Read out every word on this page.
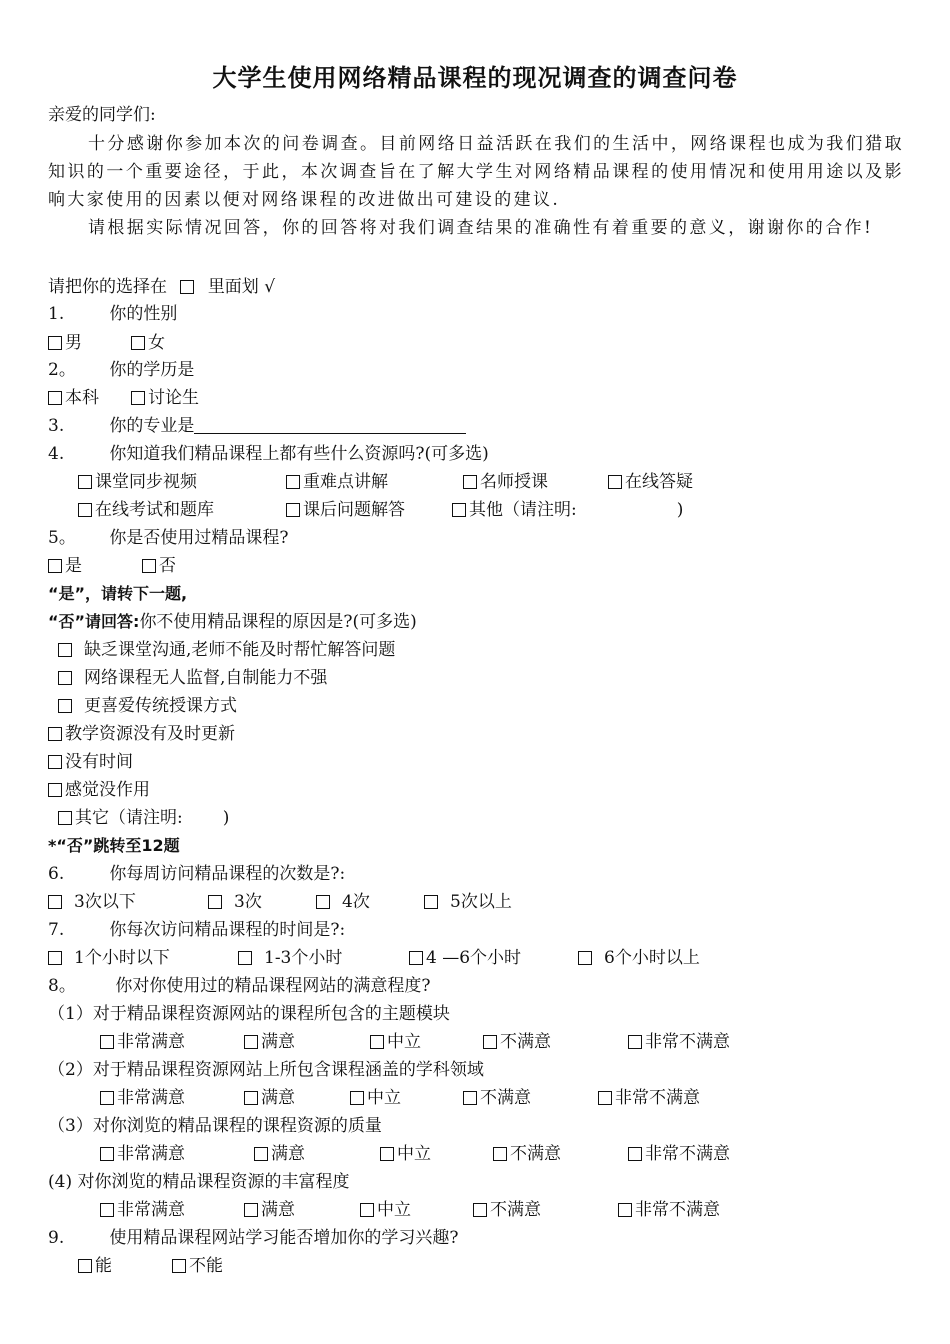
大学生使用网络精品课程的现况调查的调查问卷
亲爱的同学们:
十分感谢你参加本次的问卷调查。目前网络日益活跃在我们的生活中，网络课程也成为我们猎取知识的一个重要途径，于此，本次调查旨在了解大学生对网络精品课程的使用情况和使用用途以及影响大家使用的因素以便对网络课程的改进做出可建设的建议.
请根据实际情况回答，你的回答将对我们调查结果的准确性有着重要的意义，谢谢你的合作!
请把你的选择在 里面划 √
1.	你的性别
男	女
2。 你的学历是
本科	讨论生
3.	你的专业是
4.	你知道我们精品课程上都有些什么资源吗?(可多选)
课堂同步视频	重难点讲解	名师授课	在线答疑
在线考试和题库	课后问题解答	其他（请注明:	)
5。 你是否使用过精品课程?
是	否
“是”，请转下一题,
“否”请回答:你不使用精品课程的原因是?(可多选)
缺乏课堂沟通,老师不能及时帮忙解答问题
网络课程无人监督,自制能力不强
更喜爱传统授课方式
教学资源没有及时更新
没有时间
感觉没作用
其它（请注明: )
*“否”跳转至12题
6.	你每周访问精品课程的次数是?:
3次以下	3次	4次	5次以上
7.	你每次访问精品课程的时间是?:
1个小时以下	1-3个小时	4 —6个小时	6个小时以上
8。 你对你使用过的精品课程网站的满意程度?
（1）对于精品课程资源网站的课程所包含的主题模块
非常满意	满意	中立	不满意	非常不满意
（2）对于精品课程资源网站上所包含课程涵盖的学科领域
非常满意	满意	中立	不满意	非常不满意
（3）对你浏览的精品课程的课程资源的质量
非常满意	满意	中立	不满意	非常不满意
(4) 对你浏览的精品课程资源的丰富程度
非常满意	满意	中立	不满意	非常不满意
9.	使用精品课程网站学习能否增加你的学习兴趣?
能	不能
